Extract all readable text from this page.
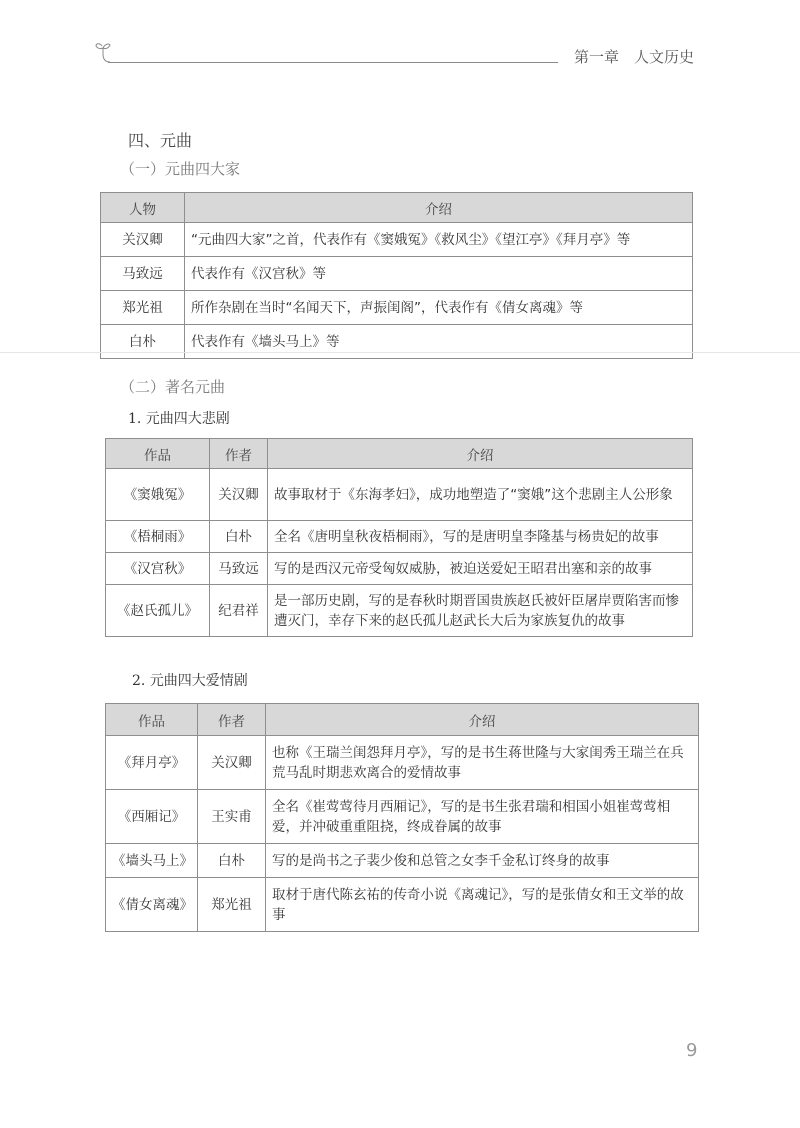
第一章　人文历史
四、元曲
（一）元曲四大家
人物	介绍
关汉卿	“元曲四大家”之首，代表作有《窦娥冤》《救风尘》《望江亭》《拜月亭》等
马致远	代表作有《汉宫秋》等
郑光祖	所作杂剧在当时“名闻天下，声振闺阁”，代表作有《倩女离魂》等
白朴	代表作有《墙头马上》等
（二）著名元曲
1. 元曲四大悲剧
作品	作者	介绍
《窦娥冤》	关汉卿	故事取材于《东海孝妇》，成功地塑造了“窦娥”这个悲剧主人公形象
《梧桐雨》	白朴	全名《唐明皇秋夜梧桐雨》，写的是唐明皇李隆基与杨贵妃的故事
《汉宫秋》	马致远	写的是西汉元帝受匈奴威胁，被迫送爱妃王昭君出塞和亲的故事
《赵氏孤儿》	纪君祥	是一部历史剧，写的是春秋时期晋国贵族赵氏被奸臣屠岸贾陷害而惨遭灭门，幸存下来的赵氏孤儿赵武长大后为家族复仇的故事
2. 元曲四大爱情剧
作品	作者	介绍
《拜月亭》	关汉卿	也称《王瑞兰闺怨拜月亭》，写的是书生蒋世隆与大家闺秀王瑞兰在兵荒马乱时期悲欢离合的爱情故事
《西厢记》	王实甫	全名《崔莺莺待月西厢记》，写的是书生张君瑞和相国小姐崔莺莺相爱，并冲破重重阻挠，终成眷属的故事
《墙头马上》	白朴	写的是尚书之子裴少俊和总管之女李千金私订终身的故事
《倩女离魂》	郑光祖	取材于唐代陈玄祐的传奇小说《离魂记》，写的是张倩女和王文举的故事
9
